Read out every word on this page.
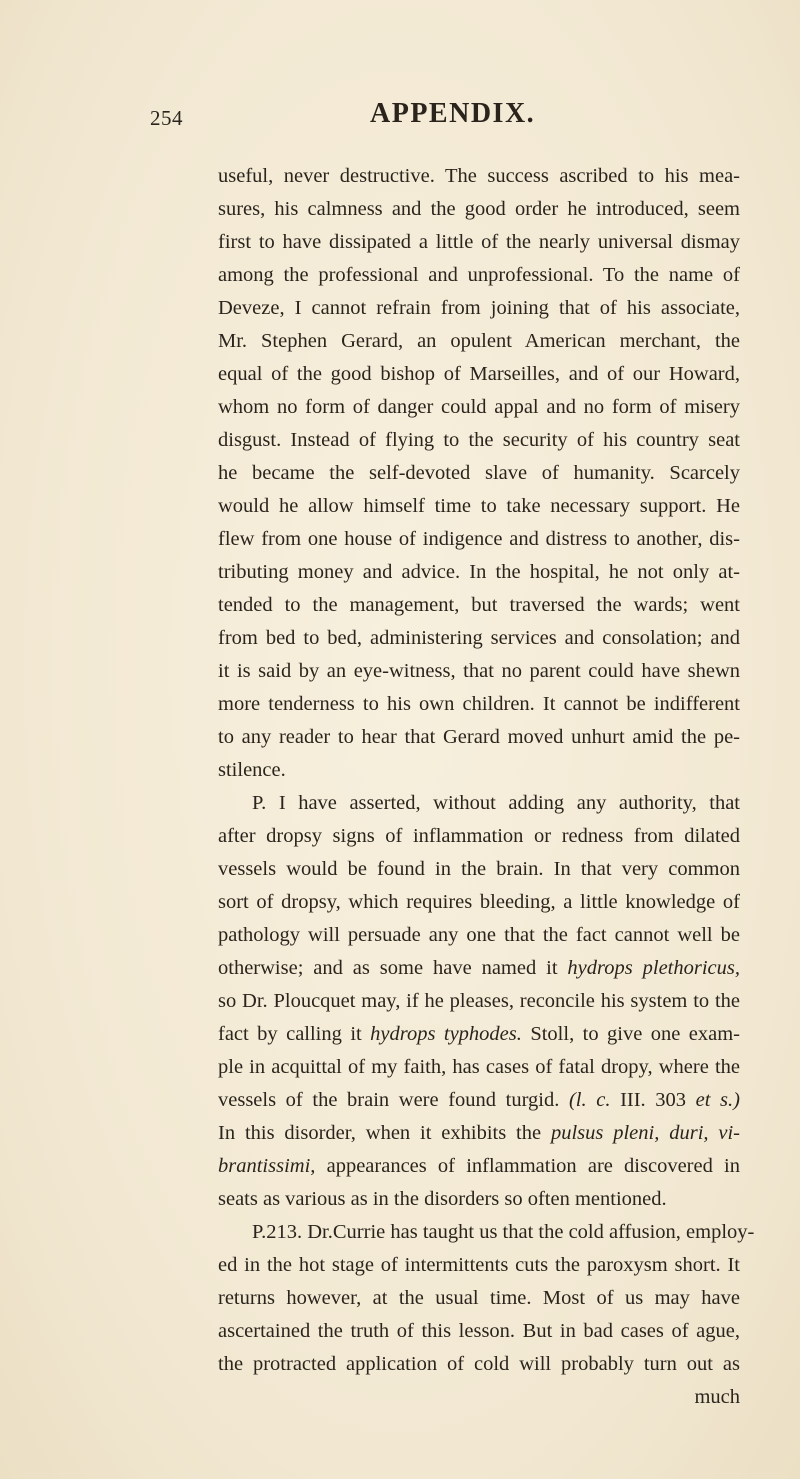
254	APPENDIX.
useful, never destructive. The success ascribed to his mea-
sures, his calmness and the good order he introduced, seem
first to have dissipated a little of the nearly universal dismay
among the professional and unprofessional. To the name of
Deveze, I cannot refrain from joining that of his associate,
Mr. Stephen Gerard, an opulent American merchant, the
equal of the good bishop of Marseilles, and of our Howard,
whom no form of danger could appal and no form of misery
disgust. Instead of flying to the security of his country seat
he became the self-devoted slave of humanity. Scarcely
would he allow himself time to take necessary support. He
flew from one house of indigence and distress to another, dis-
tributing money and advice. In the hospital, he not only at-
tended to the management, but traversed the wards; went
from bed to bed, administering services and consolation; and
it is said by an eye-witness, that no parent could have shewn
more tenderness to his own children. It cannot be indifferent
to any reader to hear that Gerard moved unhurt amid the pe-
stilence.
P. I have asserted, without adding any authority, that
after dropsy signs of inflammation or redness from dilated
vessels would be found in the brain. In that very common
sort of dropsy, which requires bleeding, a little knowledge of
pathology will persuade any one that the fact cannot well be
otherwise; and as some have named it hydrops plethoricus,
so Dr. Ploucquet may, if he pleases, reconcile his system to the
fact by calling it hydrops typhodes. Stoll, to give one exam-
ple in acquittal of my faith, has cases of fatal dropy, where the
vessels of the brain were found turgid. (l. c. III. 303 et s.)
In this disorder, when it exhibits the pulsus pleni, duri, vi-
brantissimi, appearances of inflammation are discovered in
seats as various as in the disorders so often mentioned.
P.213. Dr.Currie has taught us that the cold affusion, employ-
ed in the hot stage of intermittents cuts the paroxysm short. It
returns however, at the usual time. Most of us may have
ascertained the truth of this lesson. But in bad cases of ague,
the protracted application of cold will probably turn out as
much
